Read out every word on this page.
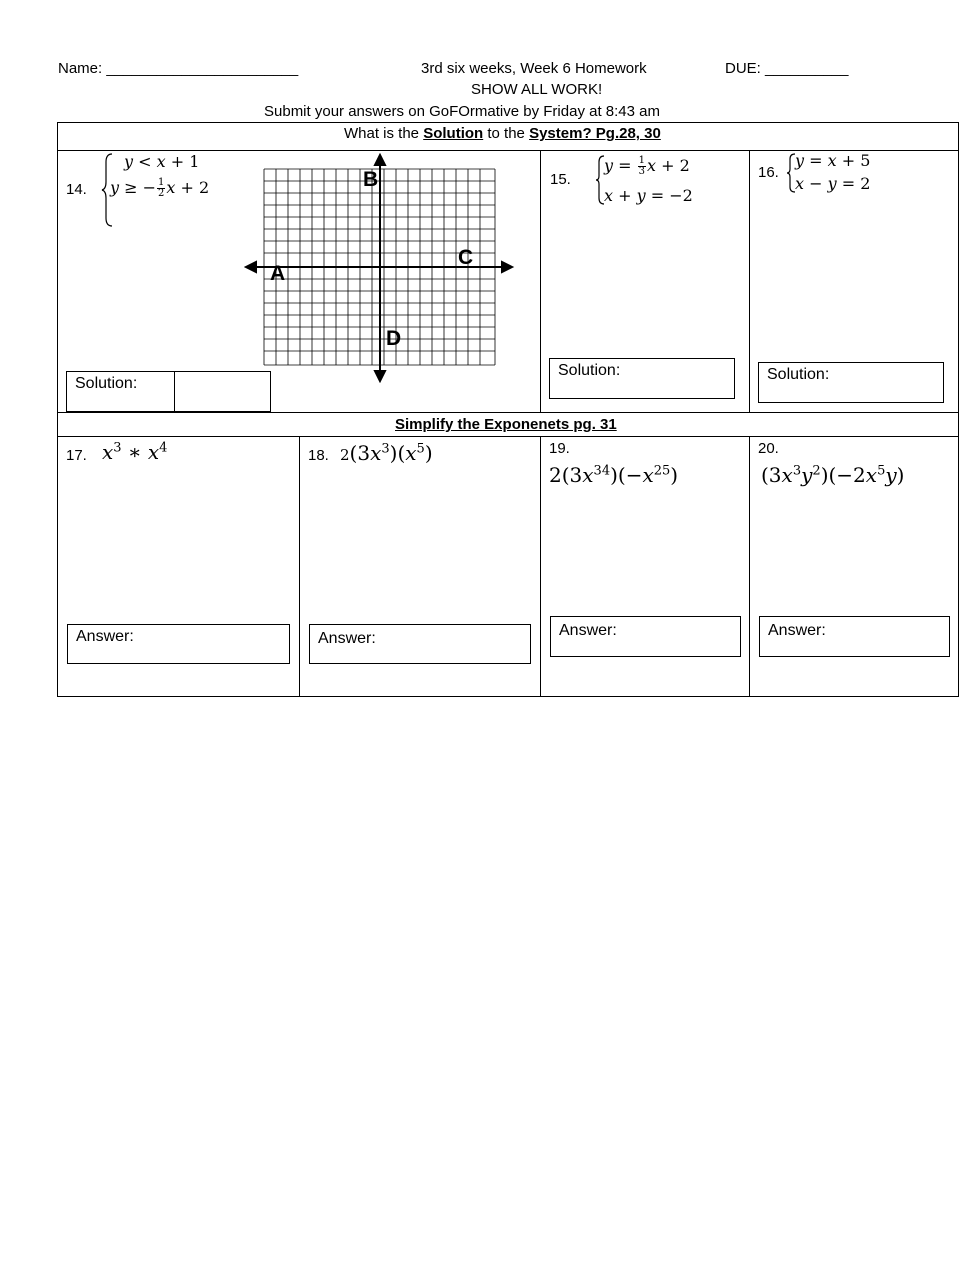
Name: _______________________	3rd six weeks, Week 6 Homework	DUE: __________
SHOW ALL WORK!
Submit your answers on GoFOrmative by Friday at 8:43 am
What is the Solution to the System? Pg.28, 30
14.
y < x + 1
y ≥ − $\frac{1}{2}$ x + 2	B
C
A
D
Solution:
15.
$y = \frac{1}{3}$ x + 2
x + y = −2
Solution:
16.
y = x + 5
x − y = 2
Solution:
Simplify the Exponenets pg. 31
17. $x^3$ ∗ $x^4$
Answer:
18. $2(3x^3)(x^5)$
Answer:
19.
$2(3x^{34})(-x^{25})$
Answer:
20.
$(3x^3y^2)(-2x^5y)$
Answer:
